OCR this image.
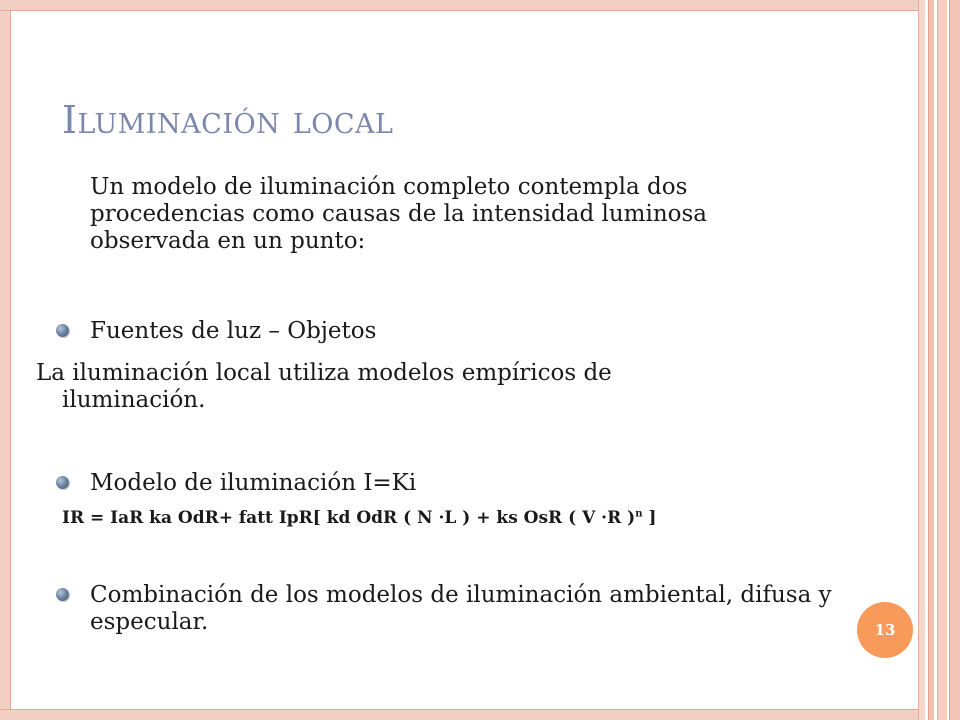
Iluminación local

Un modelo de iluminación completo contempla dos procedencias como causas de la intensidad luminosa observada en un punto:

Fuentes de luz – Objetos

La iluminación local utiliza modelos empíricos de
iluminación.

Modelo de iluminación I=Ki

IR = IaR ka OdR+ fatt IpR[ kd OdR ( N ·L ) + ks OsR ( V ·R )$^n$ ]

Combinación de los modelos de iluminación ambiental, difusa y especular.	13
